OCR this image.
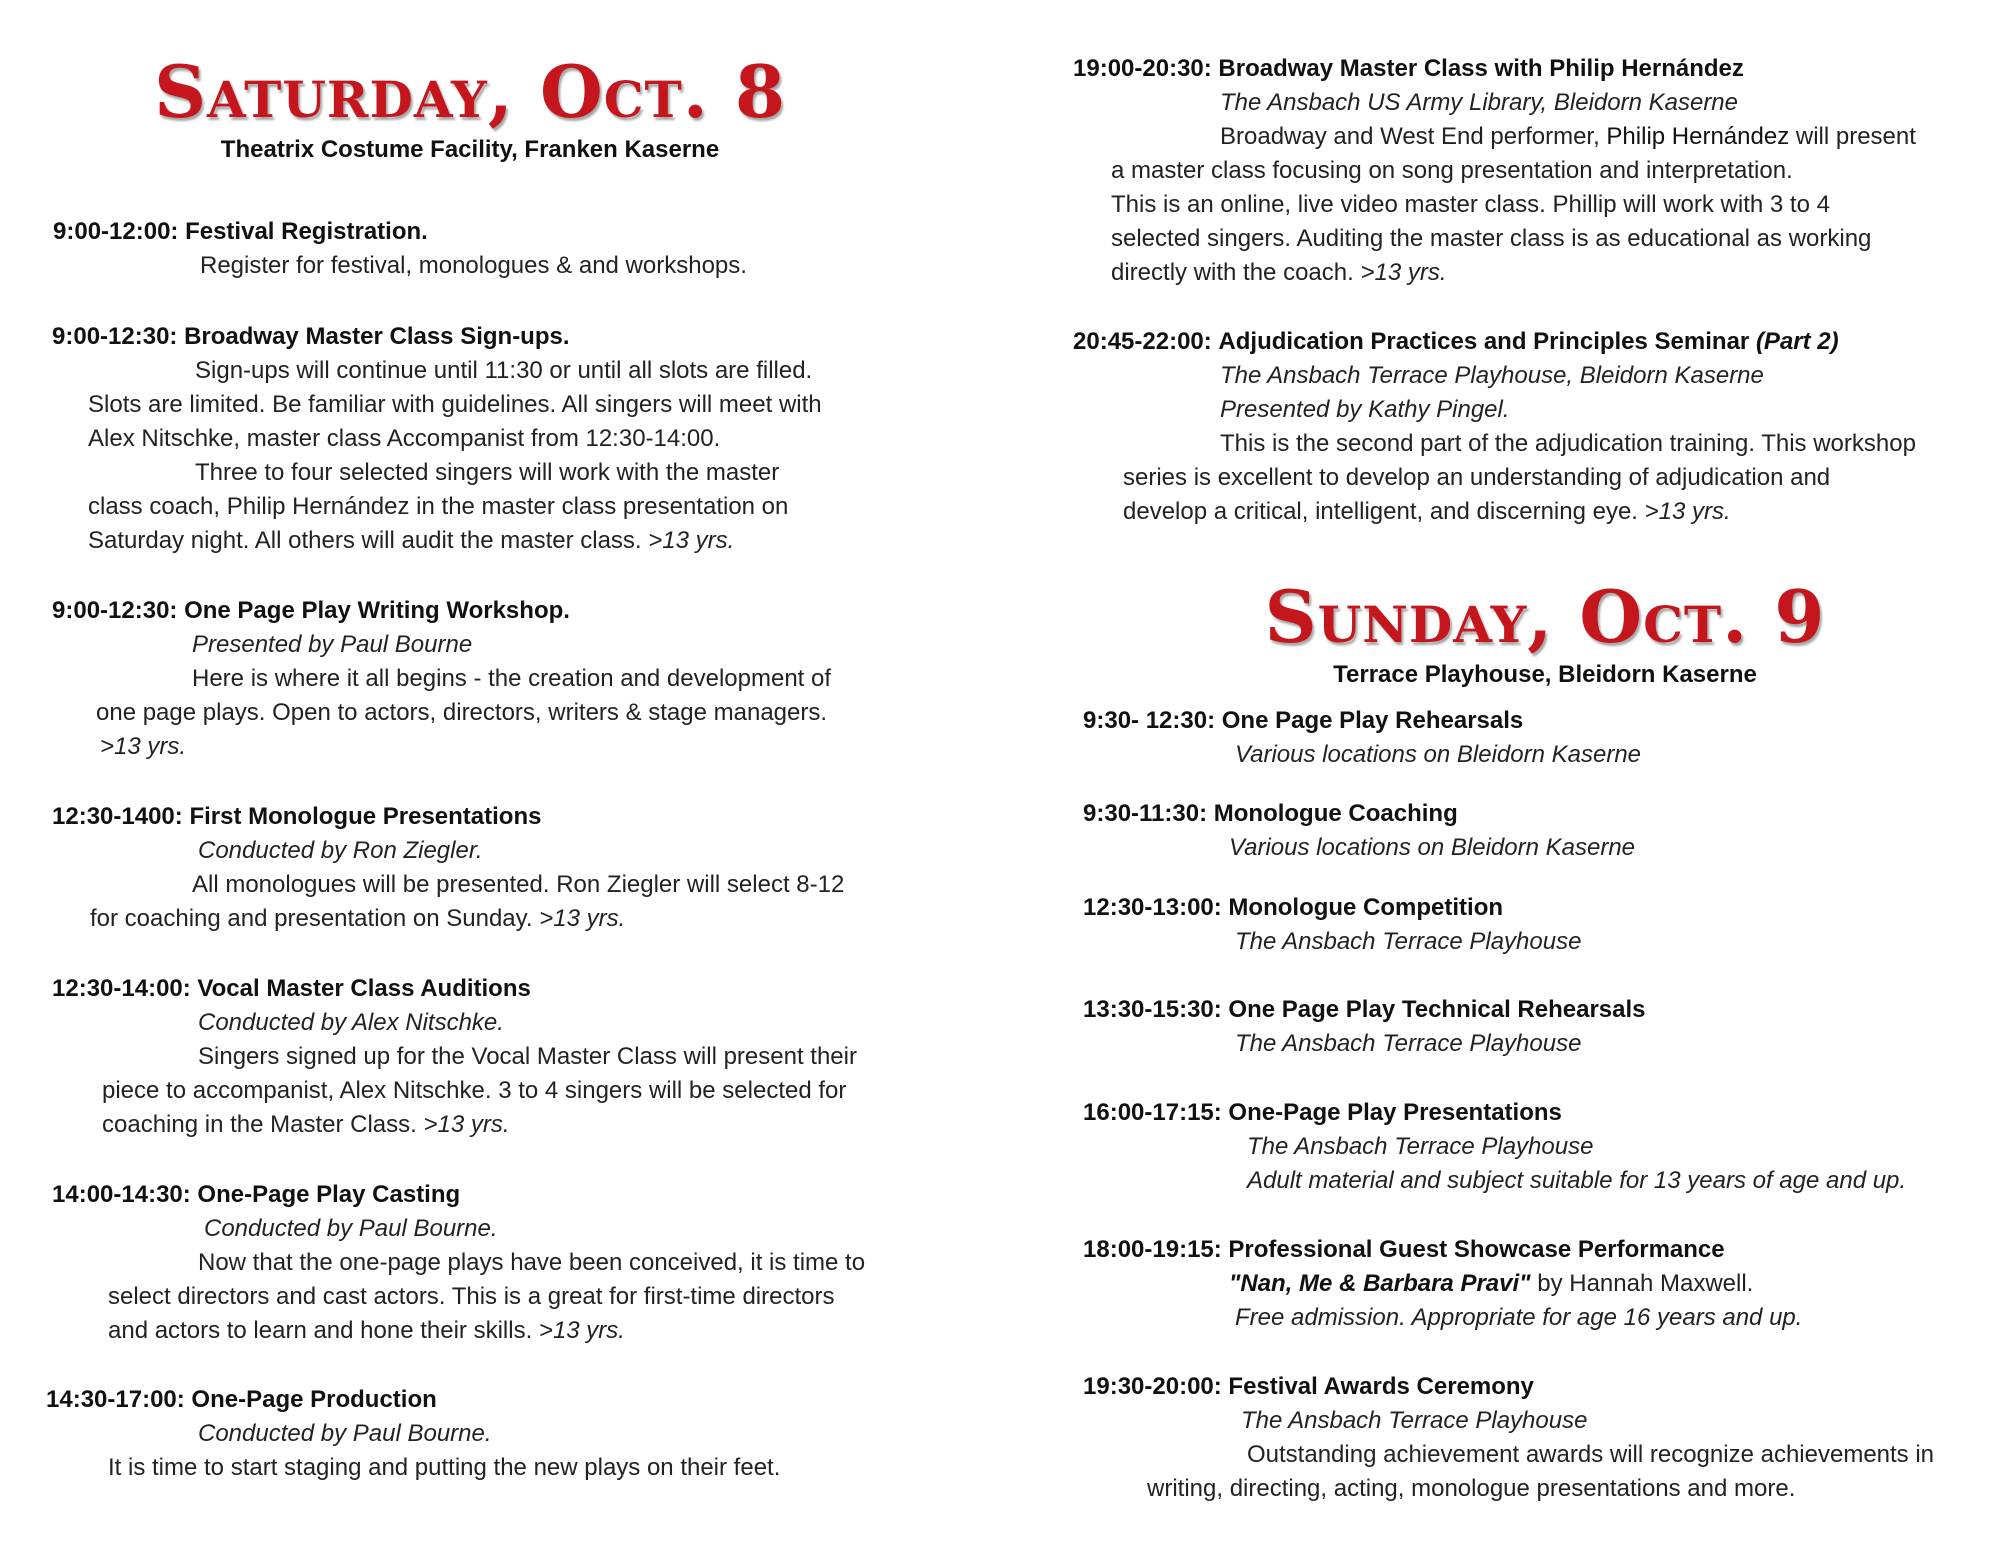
Saturday, Oct. 8
Theatrix Costume Facility, Franken Kaserne
9:00-12:00: Festival Registration.
Register for festival, monologues & and workshops.
9:00-12:30: Broadway Master Class Sign-ups.
Sign-ups will continue until 11:30 or until all slots are filled.
Slots are limited. Be familiar with guidelines. All singers will meet with
Alex Nitschke, master class Accompanist from 12:30-14:00.
Three to four selected singers will work with the master
class coach, Philip Hernández in the master class presentation on
Saturday night. All others will audit the master class. >13 yrs.
9:00-12:30: One Page Play Writing Workshop.
Presented by Paul Bourne
Here is where it all begins - the creation and development of
one page plays. Open to actors, directors, writers & stage managers.
>13 yrs.
12:30-1400: First Monologue Presentations
Conducted by Ron Ziegler.
All monologues will be presented. Ron Ziegler will select 8-12
for coaching and presentation on Sunday. >13 yrs.
12:30-14:00: Vocal Master Class Auditions
Conducted by Alex Nitschke.
Singers signed up for the Vocal Master Class will present their
piece to accompanist, Alex Nitschke. 3 to 4 singers will be selected for
coaching in the Master Class. >13 yrs.
14:00-14:30: One-Page Play Casting
Conducted by Paul Bourne.
Now that the one-page plays have been conceived, it is time to
select directors and cast actors. This is a great for first-time directors
and actors to learn and hone their skills. >13 yrs.
14:30-17:00: One-Page Production
Conducted by Paul Bourne.
It is time to start staging and putting the new plays on their feet.
19:00-20:30: Broadway Master Class with Philip Hernández
The Ansbach US Army Library, Bleidorn Kaserne
Broadway and West End performer, Philip Hernández will present
a master class focusing on song presentation and interpretation.
This is an online, live video master class. Phillip will work with 3 to 4
selected singers. Auditing the master class is as educational as working
directly with the coach. >13 yrs.
20:45-22:00: Adjudication Practices and Principles Seminar (Part 2)
The Ansbach Terrace Playhouse, Bleidorn Kaserne
Presented by Kathy Pingel.
This is the second part of the adjudication training. This workshop
series is excellent to develop an understanding of adjudication and
develop a critical, intelligent, and discerning eye. >13 yrs.
Sunday, Oct. 9
Terrace Playhouse, Bleidorn Kaserne
9:30- 12:30: One Page Play Rehearsals
Various locations on Bleidorn Kaserne
9:30-11:30: Monologue Coaching
Various locations on Bleidorn Kaserne
12:30-13:00: Monologue Competition
The Ansbach Terrace Playhouse
13:30-15:30: One Page Play Technical Rehearsals
The Ansbach Terrace Playhouse
16:00-17:15: One-Page Play Presentations
The Ansbach Terrace Playhouse
Adult material and subject suitable for 13 years of age and up.
18:00-19:15: Professional Guest Showcase Performance
"Nan, Me & Barbara Pravi" by Hannah Maxwell.
Free admission. Appropriate for age 16 years and up.
19:30-20:00: Festival Awards Ceremony
The Ansbach Terrace Playhouse
Outstanding achievement awards will recognize achievements in
writing, directing, acting, monologue presentations and more.
